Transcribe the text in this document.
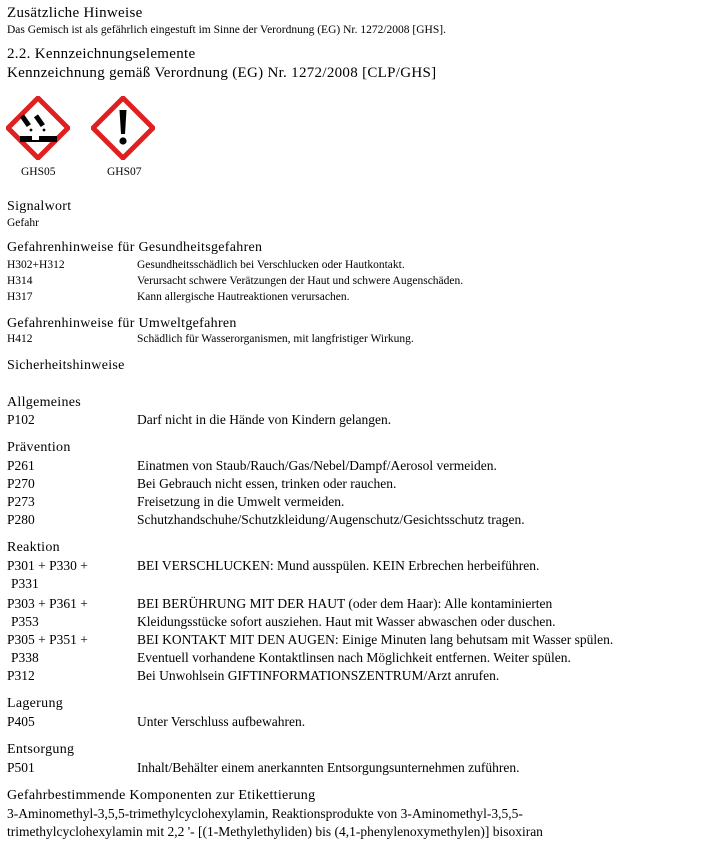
Zusätzliche Hinweise
Das Gemisch ist als gefährlich eingestuft im Sinne der Verordnung (EG) Nr. 1272/2008 [GHS].
2.2. Kennzeichnungselemente
Kennzeichnung gemäß Verordnung (EG) Nr. 1272/2008 [CLP/GHS]
GHS05	GHS07
Signalwort
Gefahr
Gefahrenhinweise für Gesundheitsgefahren
H302+H312	Gesundheitsschädlich bei Verschlucken oder Hautkontakt.
H314	Verursacht schwere Verätzungen der Haut und schwere Augenschäden.
H317	Kann allergische Hautreaktionen verursachen.
Gefahrenhinweise für Umweltgefahren
H412	Schädlich für Wasserorganismen, mit langfristiger Wirkung.
Sicherheitshinweise
Allgemeines
P102	Darf nicht in die Hände von Kindern gelangen.
Prävention
P261	Einatmen von Staub/Rauch/Gas/Nebel/Dampf/Aerosol vermeiden.
P270	Bei Gebrauch nicht essen, trinken oder rauchen.
P273	Freisetzung in die Umwelt vermeiden.
P280	Schutzhandschuhe/Schutzkleidung/Augenschutz/Gesichtsschutz tragen.
Reaktion
P301 + P330 +	BEI VERSCHLUCKEN: Mund ausspülen. KEIN Erbrechen herbeiführen.
P331
P303 + P361 +	BEI BERÜHRUNG MIT DER HAUT (oder dem Haar): Alle kontaminierten
P353	Kleidungsstücke sofort ausziehen. Haut mit Wasser abwaschen oder duschen.
P305 + P351 +	BEI KONTAKT MIT DEN AUGEN: Einige Minuten lang behutsam mit Wasser spülen.
P338	Eventuell vorhandene Kontaktlinsen nach Möglichkeit entfernen. Weiter spülen.
P312	Bei Unwohlsein GIFTINFORMATIONSZENTRUM/Arzt anrufen.
Lagerung
P405	Unter Verschluss aufbewahren.
Entsorgung
P501	Inhalt/Behälter einem anerkannten Entsorgungsunternehmen zuführen.
Gefahrbestimmende Komponenten zur Etikettierung
3-Aminomethyl-3,5,5-trimethylcyclohexylamin, Reaktionsprodukte von 3-Aminomethyl-3,5,5-
trimethylcyclohexylamin mit 2,2 '- [(1-Methylethyliden) bis (4,1-phenylenoxymethylen)] bisoxiran
